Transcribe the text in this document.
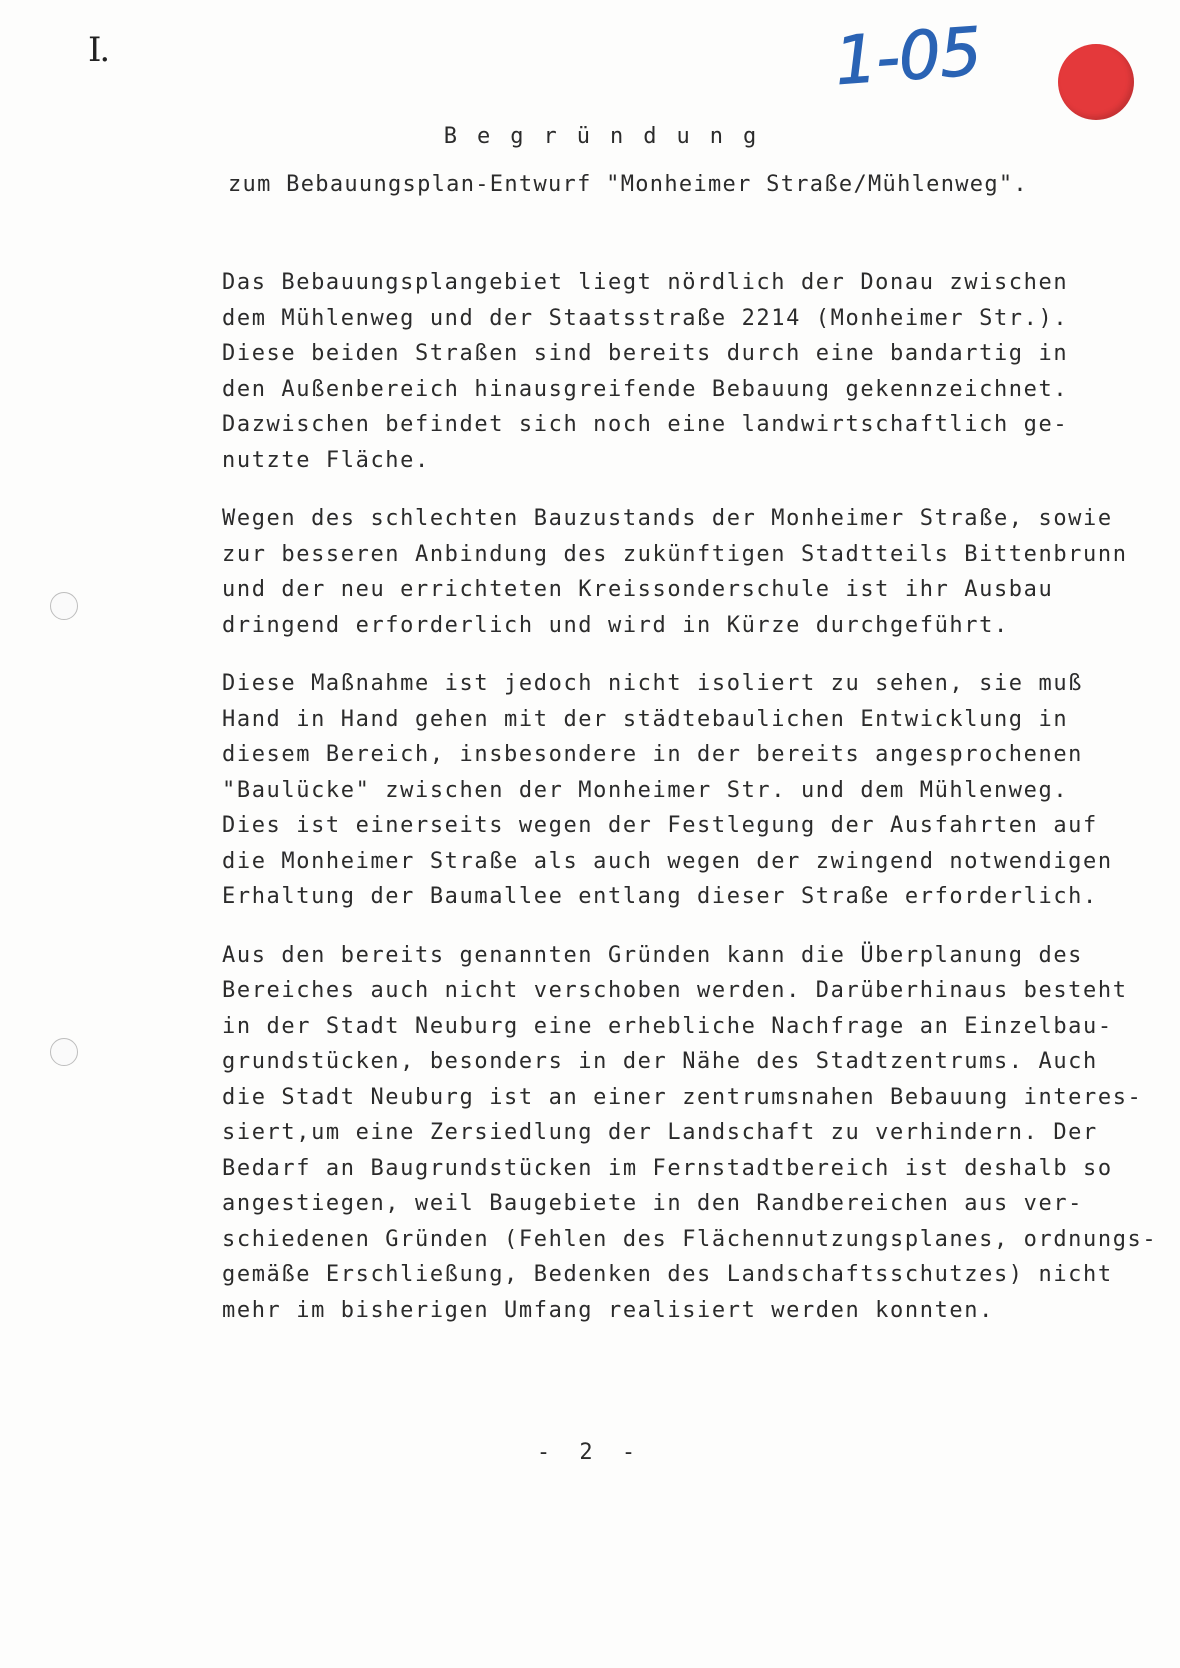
I.	1-05
Begründung
zum Bebauungsplan-Entwurf "Monheimer Straße/Mühlenweg".

Das Bebauungsplangebiet liegt nördlich der Donau zwischen
dem Mühlenweg und der Staatsstraße 2214 (Monheimer Str.).
Diese beiden Straßen sind bereits durch eine bandartig in
den Außenbereich hinausgreifende Bebauung gekennzeichnet.
Dazwischen befindet sich noch eine landwirtschaftlich ge-
nutzte Fläche.

Wegen des schlechten Bauzustands der Monheimer Straße, sowie
zur besseren Anbindung des zukünftigen Stadtteils Bittenbrunn
und der neu errichteten Kreissonderschule ist ihr Ausbau
dringend erforderlich und wird in Kürze durchgeführt.

Diese Maßnahme ist jedoch nicht isoliert zu sehen, sie muß
Hand in Hand gehen mit der städtebaulichen Entwicklung in
diesem Bereich, insbesondere in der bereits angesprochenen
"Baulücke" zwischen der Monheimer Str. und dem Mühlenweg.
Dies ist einerseits wegen der Festlegung der Ausfahrten auf
die Monheimer Straße als auch wegen der zwingend notwendigen
Erhaltung der Baumallee entlang dieser Straße erforderlich.

Aus den bereits genannten Gründen kann die Überplanung des
Bereiches auch nicht verschoben werden. Darüberhinaus besteht
in der Stadt Neuburg eine erhebliche Nachfrage an Einzelbau-
grundstücken, besonders in der Nähe des Stadtzentrums. Auch
die Stadt Neuburg ist an einer zentrumsnahen Bebauung interes-
siert,um eine Zersiedlung der Landschaft zu verhindern. Der
Bedarf an Baugrundstücken im Fernstadtbereich ist deshalb so
angestiegen, weil Baugebiete in den Randbereichen aus ver-
schiedenen Gründen (Fehlen des Flächennutzungsplanes, ordnungs-
gemäße Erschließung, Bedenken des Landschaftsschutzes) nicht
mehr im bisherigen Umfang realisiert werden konnten.

- 2 -
